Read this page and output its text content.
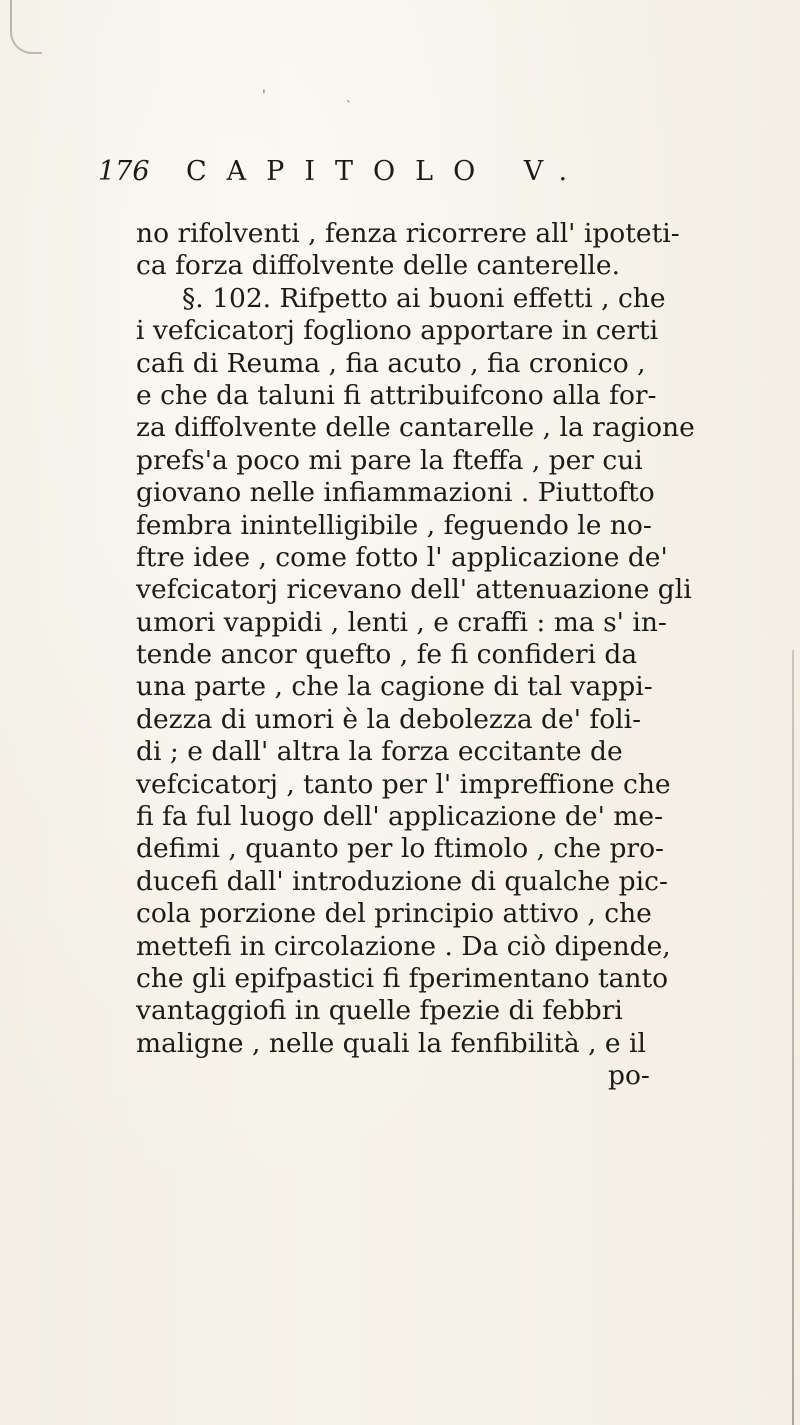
'	˴
176 CAPITOLO V.
no rifolventi , fenza ricorrere all' ipoteti-
ca forza diffolvente delle canterelle.
§. 102. Rifpetto ai buoni effetti , che
i vefcicatorj fogliono apportare in certi
cafi di Reuma , fia acuto , fia cronico ,
e che da taluni fi attribuifcono alla for-
za diffolvente delle cantarelle , la ragione
prefs'a poco mi pare la fteffa , per cui
giovano nelle infiammazioni . Piuttofto
fembra inintelligibile , feguendo le no-
ftre idee , come fotto l' applicazione de'
vefcicatorj ricevano dell' attenuazione gli
umori vappidi , lenti , e craffi : ma s' in-
tende ancor quefto , fe fi confideri da
una parte , che la cagione di tal vappi-
dezza di umori è la debolezza de' foli-
di ; e dall' altra la forza eccitante de
vefcicatorj , tanto per l' impreffione che
fi fa ful luogo dell' applicazione de' me-
defimi , quanto per lo ftimolo , che pro-
ducefi dall' introduzione di qualche pic-
cola porzione del principio attivo , che
mettefi in circolazione . Da ciò dipende,
che gli epifpastici fi fperimentano tanto
vantaggiofi in quelle fpezie di febbri
maligne , nelle quali la fenfibilità , e il
po-
